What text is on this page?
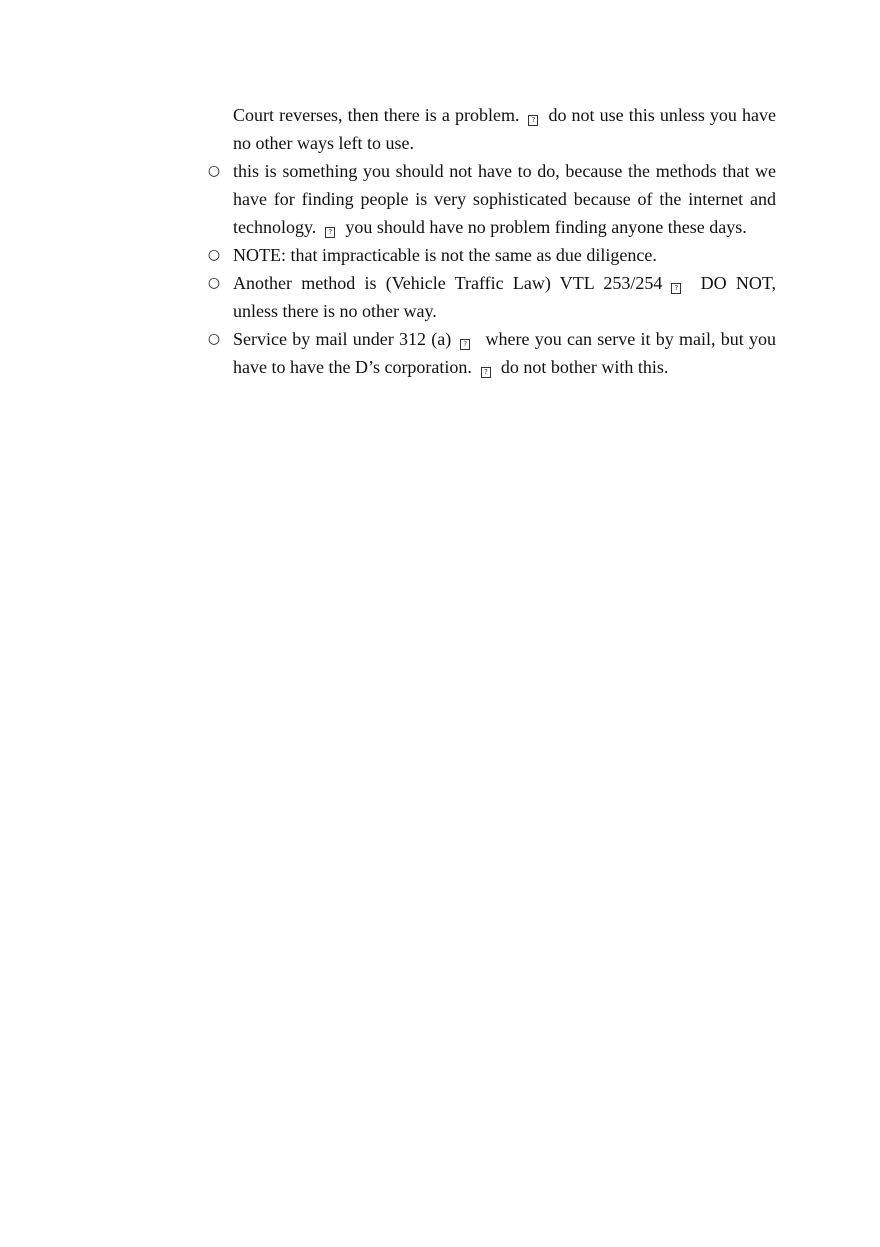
Court reverses, then there is a problem. ? do not use this unless you have no other ways left to use.

○ this is something you should not have to do, because the methods that we have for finding people is very sophisticated because of the internet and technology. ? you should have no problem finding anyone these days.
○ NOTE: that impracticable is not the same as due diligence.
○ Another method is (Vehicle Traffic Law) VTL 253/254 ? DO NOT, unless there is no other way.
○ Service by mail under 312 (a) ? where you can serve it by mail, but you have to have the D’s corporation. ? do not bother with this.
